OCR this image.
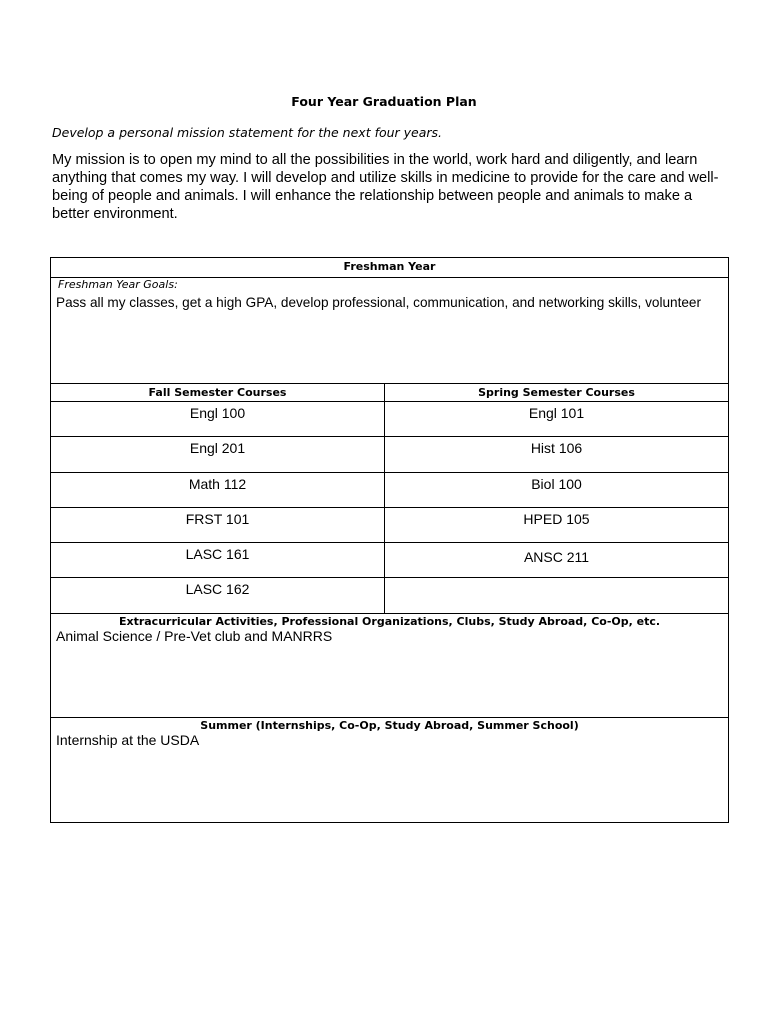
Four Year Graduation Plan
Develop a personal mission statement for the next four years.
My mission is to open my mind to all the possibilities in the world, work hard and diligently, and learn anything that comes my way. I will develop and utilize skills in medicine to provide for the care and well-being of people and animals. I will enhance the relationship between people and animals to make a better environment.
Freshman Year
Freshman Year Goals:
Pass all my classes, get a high GPA, develop professional, communication, and networking skills, volunteer
Fall Semester Courses	Spring Semester Courses
Engl 100	Engl 101
Engl 201	Hist 106
Math 112	Biol 100
FRST 101	HPED 105
LASC 161	ANSC 211
LASC 162
Extracurricular Activities, Professional Organizations, Clubs, Study Abroad, Co-Op, etc.
Animal Science / Pre-Vet club and MANRRS
Summer (Internships, Co-Op, Study Abroad, Summer School)
Internship at the USDA
